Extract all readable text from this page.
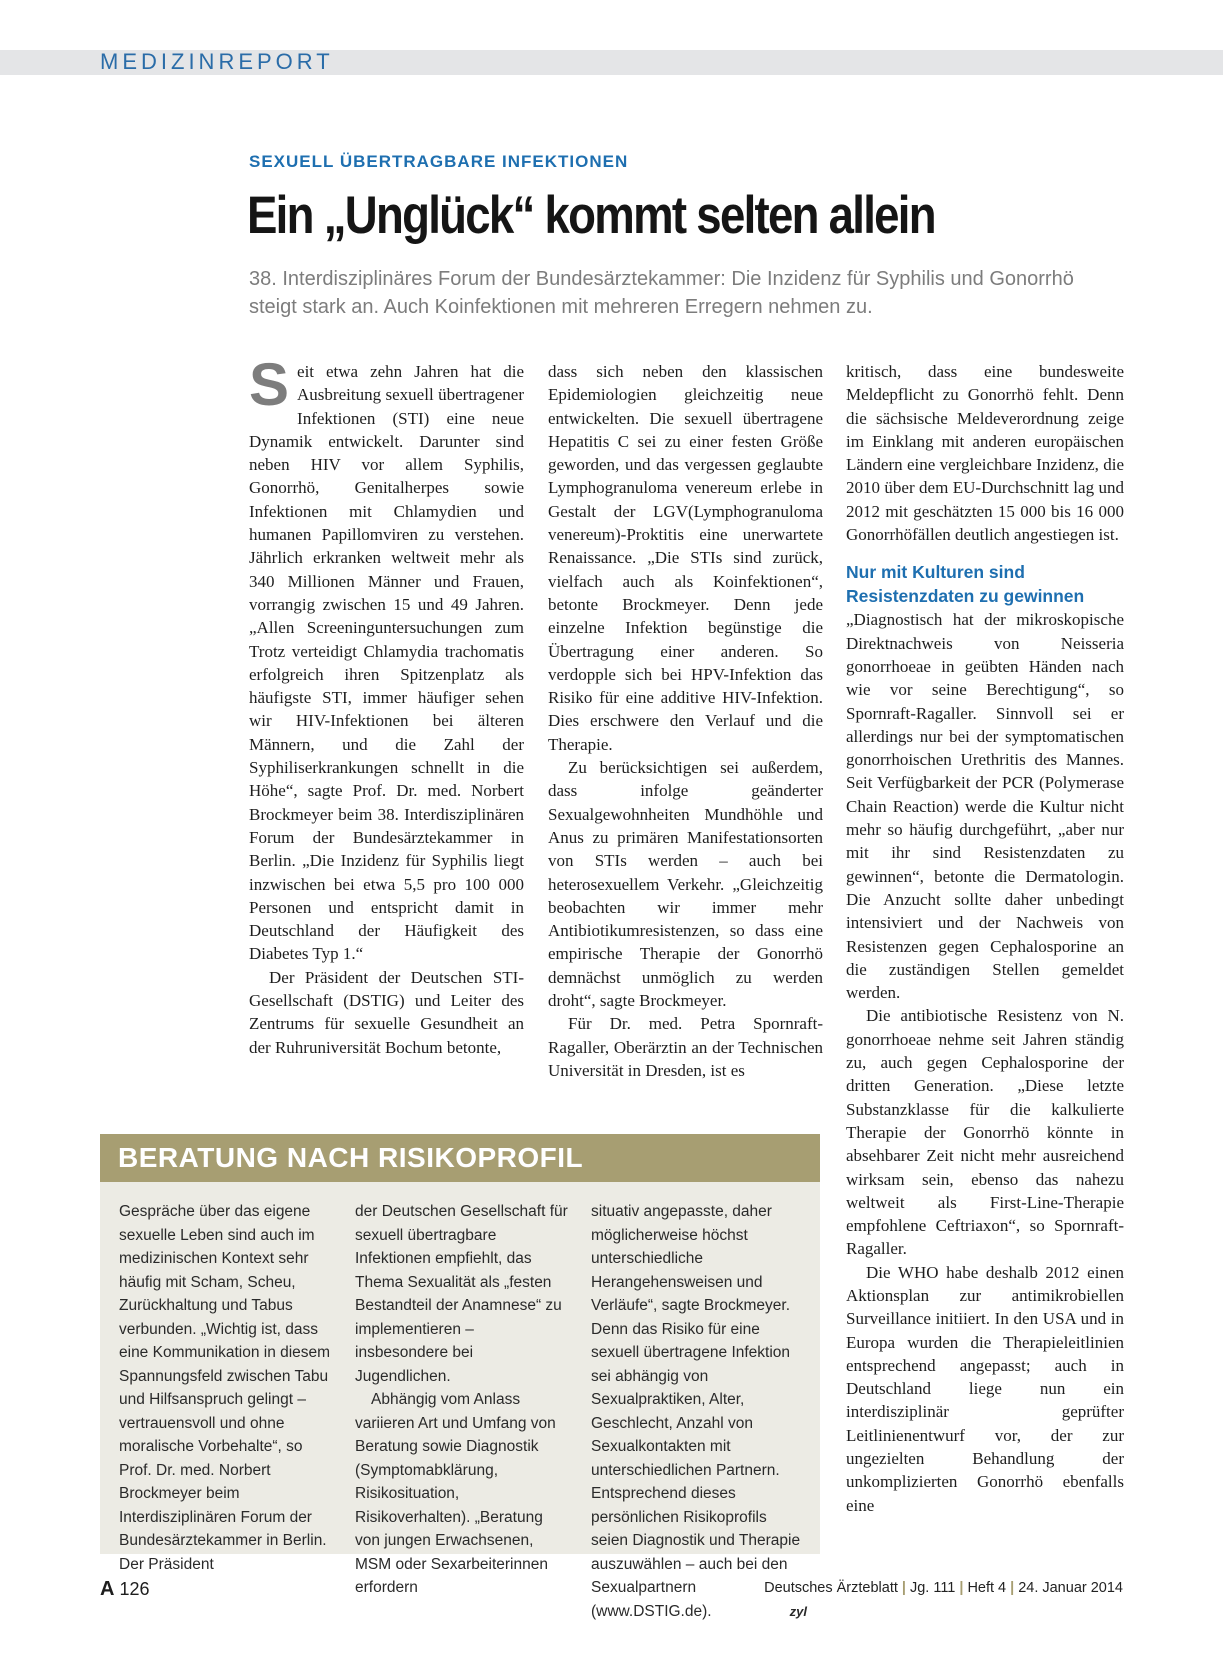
MEDIZINREPORT
SEXUELL ÜBERTRAGBARE INFEKTIONEN
Ein „Unglück“ kommt selten allein

38. Interdisziplinäres Forum der Bundesärztekammer: Die Inzidenz für Syphilis und Gonorrhö steigt stark an. Auch Koinfektionen mit mehreren Erregern nehmen zu.

Seit etwa zehn Jahren hat die Ausbreitung sexuell übertragener Infektionen (STI) eine neue Dynamik entwickelt. Darunter sind neben HIV vor allem Syphilis, Gonorrhö, Genitalherpes sowie Infektionen mit Chlamydien und humanen Papillomviren zu verstehen. Jährlich erkranken weltweit mehr als 340 Millionen Männer und Frauen, vorrangig zwischen 15 und 49 Jahren. „Allen Screeninguntersuchungen zum Trotz verteidigt Chlamydia trachomatis erfolgreich ihren Spitzenplatz als häufigste STI, immer häufiger sehen wir HIV-Infektionen bei älteren Männern, und die Zahl der Syphiliserkrankungen schnellt in die Höhe“, sagte Prof. Dr. med. Norbert Brockmeyer beim 38. Interdisziplinären Forum der Bundesärztekammer in Berlin. „Die Inzidenz für Syphilis liegt inzwischen bei etwa 5,5 pro 100 000 Personen und entspricht damit in Deutschland der Häufigkeit des Diabetes Typ 1.“

Der Präsident der Deutschen STI-Gesellschaft (DSTIG) und Leiter des Zentrums für sexuelle Gesundheit an der Ruhruniversität Bochum betonte,

dass sich neben den klassischen Epidemiologien gleichzeitig neue entwickelten. Die sexuell übertragene Hepatitis C sei zu einer festen Größe geworden, und das vergessen geglaubte Lymphogranuloma venereum erlebe in Gestalt der LGV(Lymphogranuloma venereum)-Proktitis eine unerwartete Renaissance. „Die STIs sind zurück, vielfach auch als Koinfektionen“, betonte Brockmeyer. Denn jede einzelne Infektion begünstige die Übertragung einer anderen. So verdopple sich bei HPV-Infektion das Risiko für eine additive HIV-Infektion. Dies erschwere den Verlauf und die Therapie.

Zu berücksichtigen sei außerdem, dass infolge geänderter Sexualgewohnheiten Mundhöhle und Anus zu primären Manifestationsorten von STIs werden – auch bei heterosexuellem Verkehr. „Gleichzeitig beobachten wir immer mehr Antibiotikumresistenzen, so dass eine empirische Therapie der Gonorrhö demnächst unmöglich zu werden droht“, sagte Brockmeyer.

Für Dr. med. Petra Spornraft-Ragaller, Oberärztin an der Technischen Universität in Dresden, ist es

kritisch, dass eine bundesweite Meldepflicht zu Gonorrhö fehlt. Denn die sächsische Meldeverordnung zeige im Einklang mit anderen europäischen Ländern eine vergleichbare Inzidenz, die 2010 über dem EU-Durchschnitt lag und 2012 mit geschätzten 15 000 bis 16 000 Gonorrhöfällen deutlich angestiegen ist.

Nur mit Kulturen sind Resistenzdaten zu gewinnen

„Diagnostisch hat der mikroskopische Direktnachweis von Neisseria gonorrhoeae in geübten Händen nach wie vor seine Berechtigung“, so Spornraft-Ragaller. Sinnvoll sei er allerdings nur bei der symptomatischen gonorrhoischen Urethritis des Mannes. Seit Verfügbarkeit der PCR (Polymerase Chain Reaction) werde die Kultur nicht mehr so häufig durchgeführt, „aber nur mit ihr sind Resistenzdaten zu gewinnen“, betonte die Dermatologin. Die Anzucht sollte daher unbedingt intensiviert und der Nachweis von Resistenzen gegen Cephalosporine an die zuständigen Stellen gemeldet werden.

Die antibiotische Resistenz von N. gonorrhoeae nehme seit Jahren ständig zu, auch gegen Cephalosporine der dritten Generation. „Diese letzte Substanzklasse für die kalkulierte Therapie der Gonorrhö könnte in absehbarer Zeit nicht mehr ausreichend wirksam sein, ebenso das nahezu weltweit als First-Line-Therapie empfohlene Ceftriaxon“, so Spornraft-Ragaller.

Die WHO habe deshalb 2012 einen Aktionsplan zur antimikrobiellen Surveillance initiiert. In den USA und in Europa wurden die Therapieleitlinien entsprechend angepasst; auch in Deutschland liege nun ein interdisziplinär geprüfter Leitlinienentwurf vor, der zur ungezielten Behandlung der unkomplizierten Gonorrhö ebenfalls eine

BERATUNG NACH RISIKOPROFIL

Gespräche über das eigene sexuelle Leben sind auch im medizinischen Kontext sehr häufig mit Scham, Scheu, Zurückhaltung und Tabus verbunden. „Wichtig ist, dass eine Kommunikation in diesem Spannungsfeld zwischen Tabu und Hilfsanspruch gelingt – vertrauensvoll und ohne moralische Vorbehalte“, so Prof. Dr. med. Norbert Brockmeyer beim Interdisziplinären Forum der Bundesärztekammer in Berlin. Der Präsident

der Deutschen Gesellschaft für sexuell übertragbare Infektionen empfiehlt, das Thema Sexualität als „festen Bestandteil der Anamnese“ zu implementieren – insbesondere bei Jugendlichen.

Abhängig vom Anlass variieren Art und Umfang von Beratung sowie Diagnostik (Symptomabklärung, Risikosituation, Risikoverhalten). „Beratung von jungen Erwachsenen, MSM oder Sexarbeiterinnen erfordern

situativ angepasste, daher möglicherweise höchst unterschiedliche Herangehensweisen und Verläufe“, sagte Brockmeyer. Denn das Risiko für eine sexuell übertragene Infektion sei abhängig von Sexualpraktiken, Alter, Geschlecht, Anzahl von Sexualkontakten mit unterschiedlichen Partnern. Entsprechend dieses persönlichen Risikoprofils seien Diagnostik und Therapie auszuwählen – auch bei den Sexualpartnern (www.DSTIG.de).	zyl

A 126	Deutsches Ärzteblatt | Jg. 111 | Heft 4 | 24. Januar 2014
